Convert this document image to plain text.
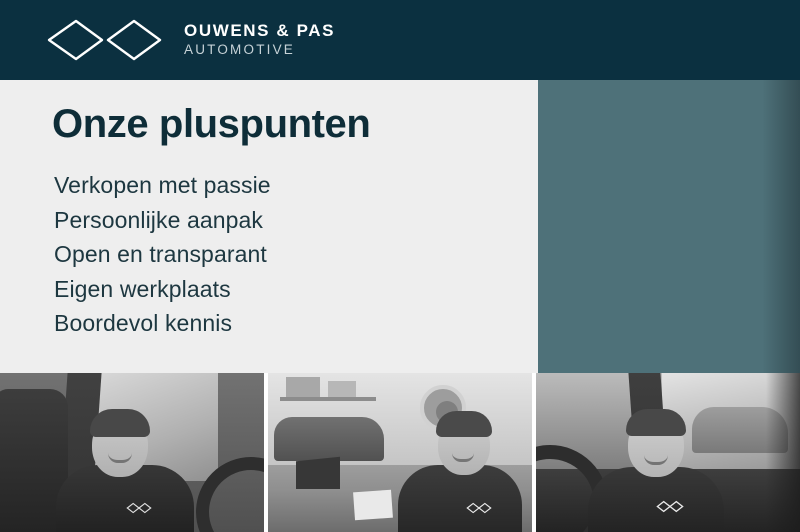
OUWENS & PAS
AUTOMOTIVE
Onze pluspunten
Verkopen met passie
Persoonlijke aanpak
Open en transparant
Eigen werkplaats
Boordevol kennis
